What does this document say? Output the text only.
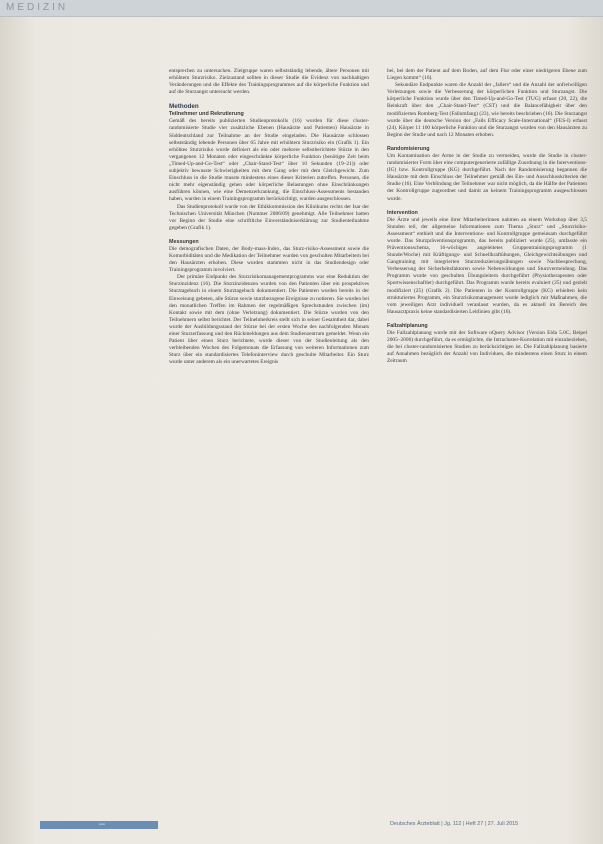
MEDIZIN

entsprechen zu untersuchen. Zielgruppe waren selbstständig lebende, ältere Personen mit erhöhtem Sturzrisiko. Zielzustand sollten in dieser Studie die Evidenz von nachhaltigen Veränderungen und die Effekte des Trainingsprogrammes auf die körperliche Funktion und auf die Sturzangst untersucht werden.

Methoden
Teilnehmer und Rekrutierung

Gemäß des bereits publizierten Studienprotokolls (16) wurden für diese cluster-randomisierte Studie vier zusätzliche Ebenen (Hausärzte und Patienten) Hausärzte in Süddeutschland zur Teilnahme an der Studie eingeladen. Die Hausärzte schlossen selbstständig lebende Personen über 65 Jahre mit erhöhtem Sturzrisiko ein (Grafik 1). Ein erhöhtes Sturzrisiko wurde definiert als ein oder mehrere selbstberichtete Stürze in den vergangenen 12 Monaten oder eingeschränkte körperliche Funktion (benötigte Zeit beim „Timed-Up-and-Go-Test“ oder „Chair-Stand-Test“ über 10 Sekunden (19–21)) oder subjektiv bewusste Schwierigkeiten mit dem Gang oder mit dem Gleichgewicht. Zum Einschluss in die Studie musste mindestens eines dieser Kriterien zutreffen. Personen, die nicht mehr eigenständig gehen oder körperliche Belastungen ohne Einschränkungen ausführen können, wie eine Demenzerkrankung, die Einschluss-Assessments bestanden haben, wurden in einem Trainingsprogramm berücksichtigt, wurden ausgeschlossen.

Das Studienprotokoll wurde von der Ethikkommission des Klinikums rechts der Isar der Technischen Universität München (Nummer 2086/09) genehmigt. Alle Teilnehmer hatten vor Beginn der Studie eine schriftliche Einverständniserklärung zur Studienteilnahme gegeben (Grafik 1).

Messungen

Die demografischen Daten, der Body-mass-Index, das Sturz-risiko-Assessment sowie die Komorbiditäten und die Medikation der Teilnehmer wurden von geschulten Mitarbeitern bei den Hausärzten erhoben. Diese wurden stammten nicht in das Studiendesign oder Trainingsprogramm involviert.

Der primäre Endpunkt des Sturzrisikomanagementprogramms war eine Reduktion der Sturzinzidenz (16). Die Sturzinzidenzen wurden von den Patienten über ein prospektives Sturztagebuch in einem Sturztagebuch dokumentiert. Die Patienten wurden bereits in der Einweisung gebeten, alle Stürze sowie sturzbezogene Ereignisse zu notieren. Sie wurden bei den monatlichen Treffen im Rahmen der regelmäßigen Sprechstunden zwischen (im) Kontakt sowie mit dem (ohne Verletzung) dokumentiert. Die Stürze wurden von den Teilnehmern selbst berichtet. Der Teilnehmerkreis stellt sich in seiner Gesamtheit dar, dabei wurde der Ausbildungsstand der Stürze bei der ersten Woche des nachfolgenden Monats einer Sturzerfassung und den Rückmeldungen aus dem Studienzentrum gemeldet. Wenn ein Patient über einen Sturz berichtete, wurde dieser von der Studienleitung als den verbleibenden Wochen des Folgemonats die Erfassung von weiteren Informationen zum Sturz über ein standardisiertes Telefoninterview durch geschulte Mitarbeiter. Ein Sturz wurde unter anderem als ein unerwartetes Ereignis

bei, bei dem der Patient auf dem Boden, auf dem Flur oder einer niedrigeren Ebene zum Liegen kommt“ (16).

Sekundäre Endpunkte waren die Anzahl der „fallers“ und die Anzahl der unfreiwilligen Verletzungen sowie die Verbesserung der körperlichen Funktion und Sturzangst. Die körperliche Funktion wurde über den Timed-Up-and-Go-Test (TUG) erfasst (20, 22), die Beinkraft über den „Chair-Stand-Test“ (CST) und die Balancefähigkeit über den modifizierten Romberg-Test (Fallumfang) (23), wie bereits beschrieben (16). Die Sturzangst wurde über die deutsche Version der „Falls Efficacy Scale-International“ (FES-I) erfasst (24). Körper 11 100 körperliche Funktion und die Sturzangst wurden von den Hausärzten zu Beginn der Studie und nach 12 Monaten erhoben.

Randomisierung

Um Kontamination der Arme in der Studie zu vermeiden, wurde die Studie in cluster-randomisierter Form über eine computergenerierte zufällige Zuordnung in die Interventions- (IG) bzw. Kontrollgruppe (KG) durchgeführt. Nach der Randomisierung begannen die Hausärzte mit dem Einschluss der Teilnehmer gemäß des Ein- und Ausschlusskriterien der Studie (16). Eine Verblindung der Teilnehmer war nicht möglich, da die Hälfte der Patienten der Kontrollgruppe zugeordnet und damit an keinem Trainingsprogramm ausgeschlossen wurde.

Intervention

Die Ärzte und jeweils eine ihrer Mitarbeiterinnen nahmen an einem Workshop über 3,5 Stunden teil, der allgemeine Informationen zum Thema „Sturz“ und „Sturzrisiko-Assessment“ enthielt und die Interventions- und Kontrollgruppe gemeinsam durchgeführt wurde. Das Sturzpräventionsprogramm, das bereits publiziert wurde (25), umfasste ein Präventionsschema, 16-wöchiges angeleitetes Gruppentrainingsprogramm (1 Stunde/Woche) mit Kräftigungs- und Schnellkraftübungen, Gleichgewichtsübungen und Gangtraining mit integrierten Sturzreduzierungsübungen sowie Nachbesprechung, Verbesserung der Sicherheitsfaktoren sowie Nebenwirkungen und Sturzvermeidung. Das Programm wurde von geschulten Übungsleitern durchgeführt (Physiotherapeuten oder Sportwissenschaftler) durchgeführt. Das Programm wurde bereits evaluiert (25) und gezielt modifiziert (25) (Grafik 2). Die Patienten in der Kontrollgruppe (KG) erhielten kein strukturiertes Programm, ein Sturzrisikomanagement wurde lediglich mit Maßnahmen, die vom jeweiligen Arzt individuell veranlasst wurden, da es aktuell im Bereich des Hausarztpraxis keine standardisierten Leitlinien gibt (16).

Fallzahlplanung

Die Fallzahlplanung wurde mit der Software nQuery Advisor (Version Elda 5.0C, Beipel 2005–2006) durchgeführt, da es ermöglichte, die Intracluster-Korrelation mit einzubeziehen, die bei cluster-randomisierten Studien zu berücksichtigen ist. Die Fallzahlplanung basierte auf Annahmen bezüglich der Anzahl von Individuen, die mindestens einen Sturz in einem Zeitraum

---	Deutsches Ärzteblatt | Jg. 112 | Heft 27 | 27. Juli 2015
